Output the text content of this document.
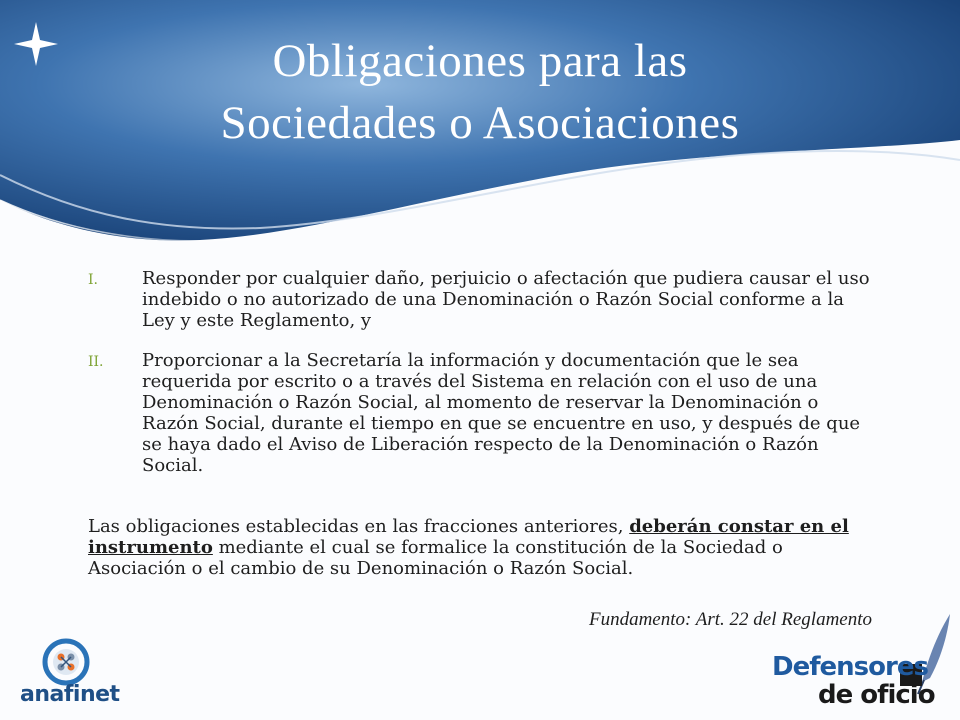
Obligaciones para las
Sociedades o Asociaciones
I. Responder por cualquier daño, perjuicio o afectación que pudiera causar el uso indebido o no autorizado de una Denominación o Razón Social conforme a la Ley y este Reglamento, y
II. Proporcionar a la Secretaría la información y documentación que le sea requerida por escrito o a través del Sistema en relación con el uso de una Denominación o Razón Social, al momento de reservar la Denominación o Razón Social, durante el tiempo en que se encuentre en uso, y después de que se haya dado el Aviso de Liberación respecto de la Denominación o Razón Social.

Las obligaciones establecidas en las fracciones anteriores, deberán constar en el instrumento mediante el cual se formalice la constitución de la Sociedad o Asociación o el cambio de su Denominación o Razón Social.

Fundamento: Art. 22 del Reglamento
anafinet
Defensores
de oficio
